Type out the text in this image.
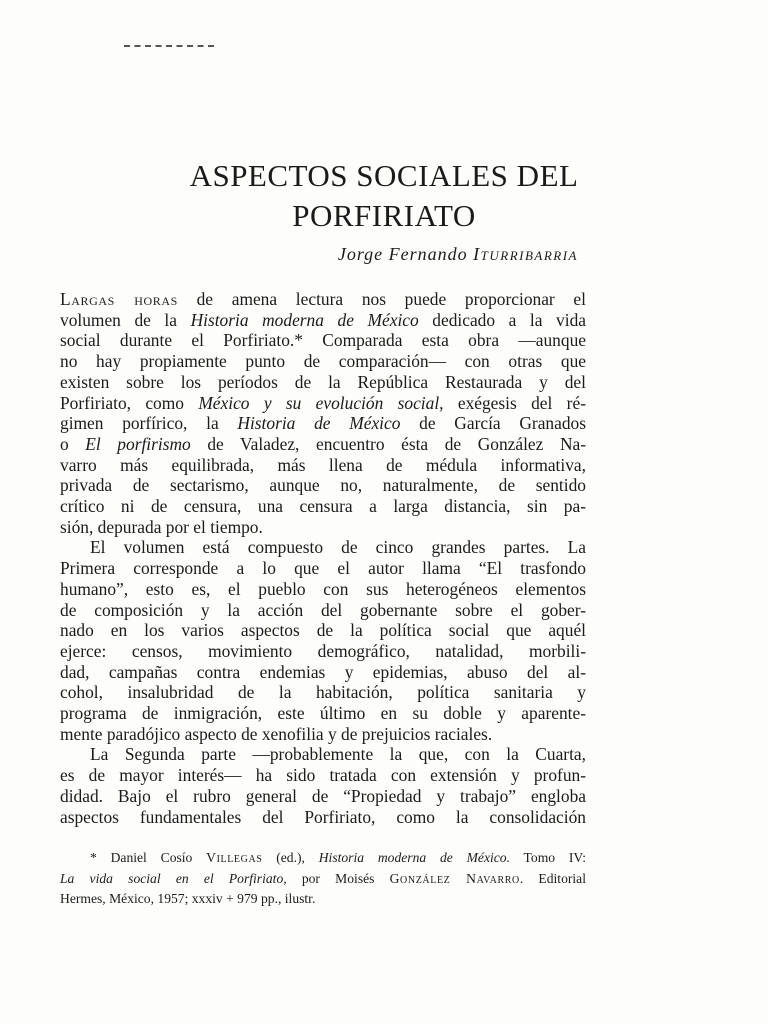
ASPECTOS SOCIALES DEL
PORFIRIATO
Jorge Fernando Iturribarria
Largas horas de amena lectura nos puede proporcionar el
volumen de la Historia moderna de México dedicado a la vida
social durante el Porfiriato.* Comparada esta obra —aunque
no hay propiamente punto de comparación— con otras que
existen sobre los períodos de la República Restaurada y del
Porfiriato, como México y su evolución social, exégesis del ré-
gimen porfírico, la Historia de México de García Granados
o El porfirismo de Valadez, encuentro ésta de González Na-
varro más equilibrada, más llena de médula informativa,
privada de sectarismo, aunque no, naturalmente, de sentido
crítico ni de censura, una censura a larga distancia, sin pa-
sión, depurada por el tiempo.
El volumen está compuesto de cinco grandes partes. La
Primera corresponde a lo que el autor llama “El trasfondo
humano”, esto es, el pueblo con sus heterogéneos elementos
de composición y la acción del gobernante sobre el gober-
nado en los varios aspectos de la política social que aquél
ejerce: censos, movimiento demográfico, natalidad, morbili-
dad, campañas contra endemias y epidemias, abuso del al-
cohol, insalubridad de la habitación, política sanitaria y
programa de inmigración, este último en su doble y aparente-
mente paradójico aspecto de xenofilia y de prejuicios raciales.
La Segunda parte —probablemente la que, con la Cuarta,
es de mayor interés— ha sido tratada con extensión y profun-
didad. Bajo el rubro general de “Propiedad y trabajo” engloba
aspectos fundamentales del Porfiriato, como la consolidación
* Daniel Cosío Villegas (ed.), Historia moderna de México. Tomo IV:
La vida social en el Porfiriato, por Moisés González Navarro. Editorial
Hermes, México, 1957; xxxiv + 979 pp., ilustr.
